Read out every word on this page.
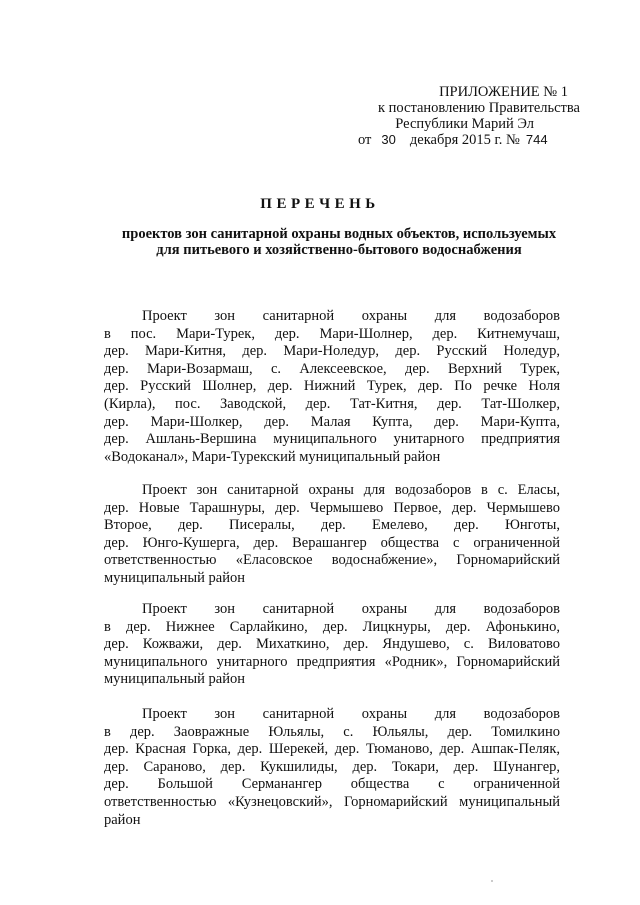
ПРИЛОЖЕНИЕ № 1
к постановлению Правительства
Республики Марий Эл
от 30 декабря 2015 г. № 744
ПЕРЕЧЕНЬ
проектов зон санитарной охраны водных объектов, используемых
для питьевого и хозяйственно-бытового водоснабжения
Проект зон санитарной охраны для водозаборов
в пос. Мари-Турек, дер. Мари-Шолнер, дер. Китнемучаш,
дер. Мари-Китня, дер. Мари-Ноледур, дер. Русский Ноледур,
дер. Мари-Возармаш, с. Алексеевское, дер. Верхний Турек,
дер. Русский Шолнер, дер. Нижний Турек, дер. По речке Ноля
(Кирла), пос. Заводской, дер. Тат-Китня, дер. Тат-Шолкер,
дер. Мари-Шолкер, дер. Малая Купта, дер. Мари-Купта,
дер. Ашлань-Вершина муниципального унитарного предприятия
«Водоканал», Мари-Турекский муниципальный район
Проект зон санитарной охраны для водозаборов в с. Еласы,
дер. Новые Тарашнуры, дер. Чермышево Первое, дер. Чермышево
Второе, дер. Писералы, дер. Емелево, дер. Юнготы,
дер. Юнго-Кушерга, дер. Верашангер общества с ограниченной
ответственностью «Еласовское водоснабжение», Горномарийский
муниципальный район
Проект зон санитарной охраны для водозаборов
в дер. Нижнее Сарлайкино, дер. Лицкнуры, дер. Афонькино,
дер. Кожважи, дер. Михаткино, дер. Яндушево, с. Виловатово
муниципального унитарного предприятия «Родник», Горномарийский
муниципальный район
Проект зон санитарной охраны для водозаборов
в дер. Заовражные Юльялы, с. Юльялы, дер. Томилкино
дер. Красная Горка, дер. Шерекей, дер. Тюманово, дер. Ашпак-Пеляк,
дер. Сараново, дер. Кукшилиды, дер. Токари, дер. Шунангер,
дер. Большой Серманангер общества с ограниченной
ответственностью «Кузнецовский», Горномарийский муниципальный
район
